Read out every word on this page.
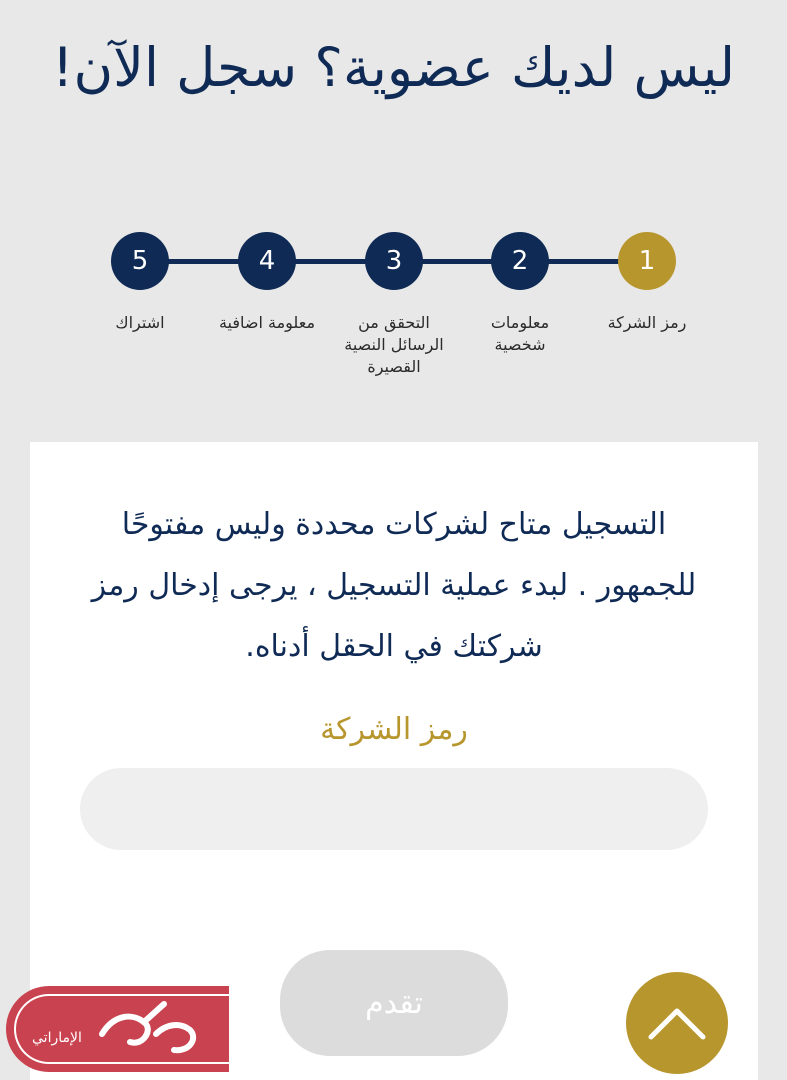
ليس لديك عضوية؟ سجل الآن!
1
رمز الشركة
2
معلومات شخصية
3
التحقق من الرسائل النصية القصيرة
4
معلومة اضافية
5
اشتراك

التسجيل متاح لشركات محددة وليس مفتوحًا للجمهور . لبدء عملية التسجيل ، يرجى إدخال رمز شركتك في الحقل أدناه.

رمز الشركة
تقدم
الإماراتي
